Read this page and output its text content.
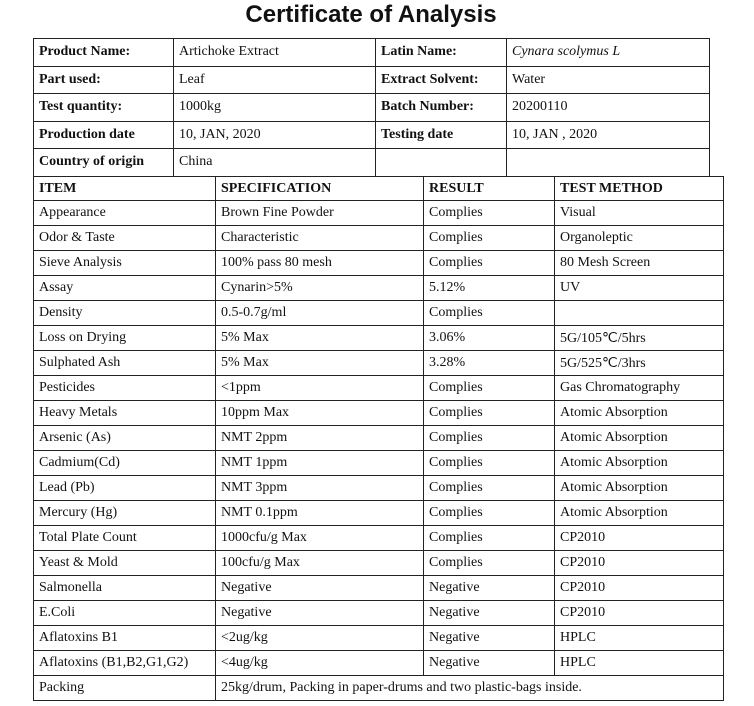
Certificate of Analysis
Product Name:	Artichoke Extract	Latin Name:	Cynara scolymus L
Part used:	Leaf	Extract Solvent:	Water
Test quantity:	1000kg	Batch Number:	20200110
Production date	10, JAN, 2020	Testing date	10, JAN , 2020
Country of origin	China		
ITEM	SPECIFICATION	RESULT	TEST METHOD
Appearance	Brown Fine Powder	Complies	Visual
Odor & Taste	Characteristic	Complies	Organoleptic
Sieve Analysis	100% pass 80 mesh	Complies	80 Mesh Screen
Assay	Cynarin>5%	5.12%	UV
Density	0.5-0.7g/ml	Complies	
Loss on Drying	5% Max	3.06%	5G/105℃/5hrs
Sulphated Ash	5% Max	3.28%	5G/525℃/3hrs
Pesticides	<1ppm	Complies	Gas Chromatography
Heavy Metals	10ppm Max	Complies	Atomic Absorption
Arsenic (As)	NMT 2ppm	Complies	Atomic Absorption
Cadmium(Cd)	NMT 1ppm	Complies	Atomic Absorption
Lead (Pb)	NMT 3ppm	Complies	Atomic Absorption
Mercury (Hg)	NMT 0.1ppm	Complies	Atomic Absorption
Total Plate Count	1000cfu/g Max	Complies	CP2010
Yeast & Mold	100cfu/g Max	Complies	CP2010
Salmonella	Negative	Negative	CP2010
E.Coli	Negative	Negative	CP2010
Aflatoxins B1	<2ug/kg	Negative	HPLC
Aflatoxins (B1,B2,G1,G2)	<4ug/kg	Negative	HPLC
Packing	25kg/drum, Packing in paper-drums and two plastic-bags inside.		
